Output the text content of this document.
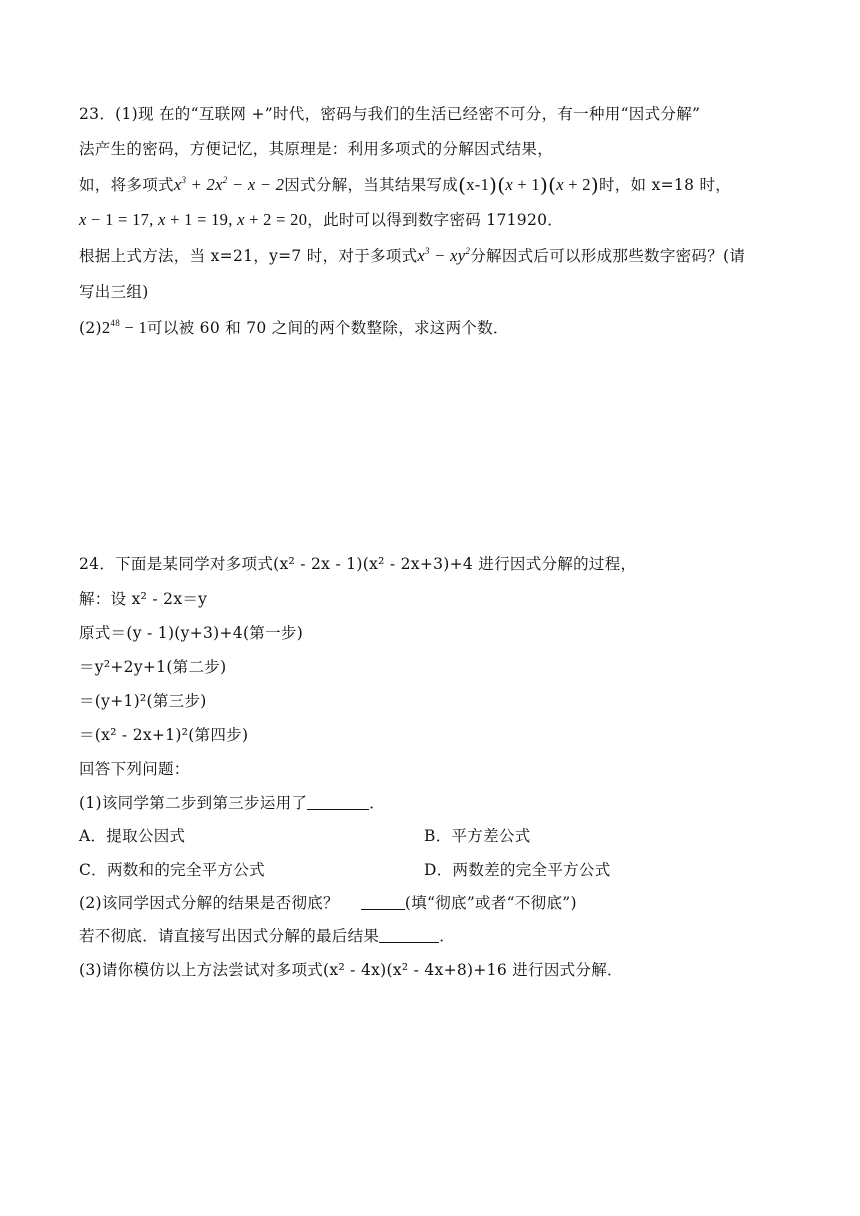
23．(1)现 在的“互联网 +”时代，密码与我们的生活已经密不可分，有一种用“因式分解”
法产生的密码，方便记忆，其原理是：利用多项式的分解因式结果，
如，将多项式$x^3 + 2x^2 - x - 2$因式分解，当其结果写成(x-1)(x + 1)(x + 2)时，如 x=18 时，
x − 1 = 17, x + 1 = 19, x + 2 = 20，此时可以得到数字密码 171920．
根据上式方法，当 x=21，y=7 时，对于多项式$x^3 - xy^2$分解因式后可以形成那些数字密码？(请
写出三组)
$(2)2^{48} - 1$可以被 60 和 70 之间的两个数整除，求这两个数．
24．下面是某同学对多项式(x² - 2x - 1)(x² - 2x+3)+4 进行因式分解的过程，
解：设 x² - 2x＝y
原式＝(y - 1)(y+3)+4(第一步)
＝y²+2y+1(第二步)
＝(y+1)²(第三步)
＝(x² - 2x+1)²(第四步)
回答下列问题：
(1)该同学第二步到第三步运用了	．
A．提取公因式	B．平方差公式
C．两数和的完全平方公式	D．两数差的完全平方公式
(2)该同学因式分解的结果是否彻底？	(填“彻底”或者“不彻底”)
若不彻底．请直接写出因式分解的最后结果	．
(3)请你模仿以上方法尝试对多项式(x² - 4x)(x² - 4x+8)+16 进行因式分解．
